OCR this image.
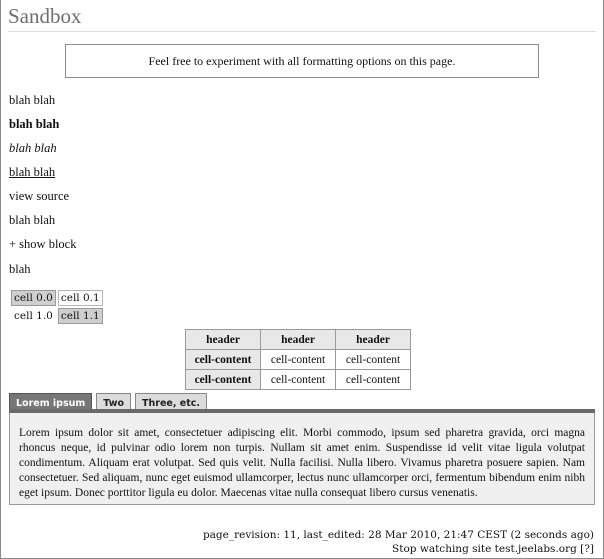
Sandbox
Feel free to experiment with all formatting options on this page.
blah blah
blah blah
blah blah
blah blah
view source
blah blah
+ show block
blah
cell 0.0	cell 0.1
cell 1.0	cell 1.1
header	header	header
cell-content	cell-content	cell-content
cell-content	cell-content	cell-content
Lorem ipsum	Two	Three, etc.
Lorem ipsum dolor sit amet, consectetuer adipiscing elit. Morbi commodo, ipsum sed pharetra gravida, orci magna rhoncus neque, id pulvinar odio lorem non turpis. Nullam sit amet enim. Suspendisse id velit vitae ligula volutpat condimentum. Aliquam erat volutpat. Sed quis velit. Nulla facilisi. Nulla libero. Vivamus pharetra posuere sapien. Nam consectetuer. Sed aliquam, nunc eget euismod ullamcorper, lectus nunc ullamcorper orci, fermentum bibendum enim nibh eget ipsum. Donec porttitor ligula eu dolor. Maecenas vitae nulla consequat libero cursus venenatis.
page_revision: 11, last_edited: 28 Mar 2010, 21:47 CEST (2 seconds ago)
Stop watching site test.jeelabs.org [?]
